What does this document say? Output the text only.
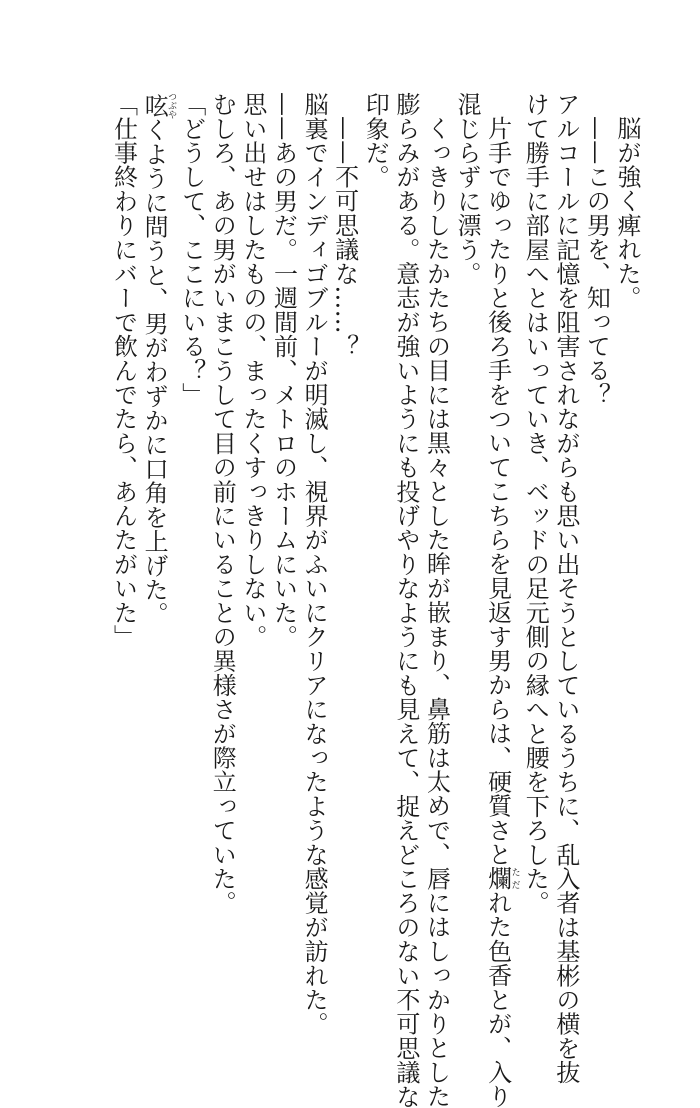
脳が強く痺れた。
——この男を、知ってる？
アルコールに記憶を阻害されながらも思い出そうとしているうちに、乱入者は基彬の横を抜
けて勝手に部屋へとはいっていき、ベッドの足元側の縁へと腰を下ろした。
片手でゆったりと後ろ手をついてこちらを見返す男からは、硬質さと爛ただれた色香とが、入り
混じらずに漂う。
くっきりしたかたちの目には黒々とした眸が嵌まり、鼻筋は太めで、唇にはしっかりとした
膨らみがある。意志が強いようにも投げやりなようにも見えて、捉えどころのない不可思議な
印象だ。
——不可思議な……？
脳裏でインディゴブルーが明滅し、視界がふいにクリアになったような感覚が訪れた。
——あの男だ。一週間前、メトロのホームにいた。
思い出せはしたものの、まったくすっきりしない。
むしろ、あの男がいまこうして目の前にいることの異様さが際立っていた。
「どうして、ここにいる？」
呟つぶやくように問うと、男がわずかに口角を上げた。
「仕事終わりにバーで飲んでたら、あんたがいた」
